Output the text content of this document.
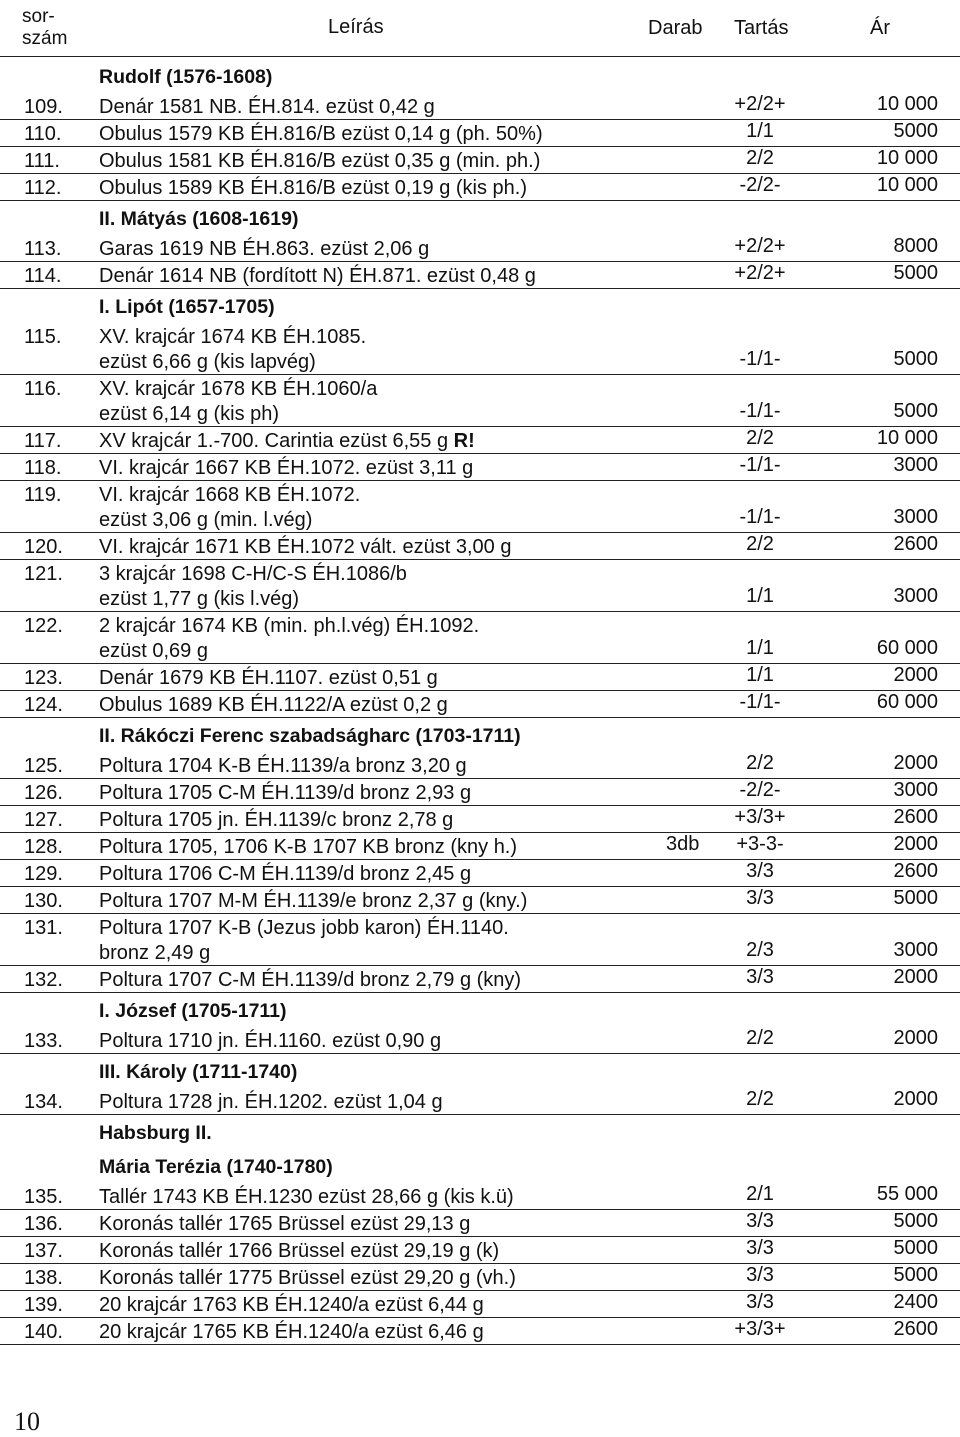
sor-
szám
Leírás	Darab Tartás	Ár
Rudolf (1576-1608)
109. Denár 1581 NB. ÉH.814. ezüst 0,42 g	+2/2+	10 000
110. Obulus 1579 KB ÉH.816/B ezüst 0,14 g (ph. 50%)	1/1	5000
111. Obulus 1581 KB ÉH.816/B ezüst 0,35 g (min. ph.)	2/2	10 000
112. Obulus 1589 KB ÉH.816/B ezüst 0,19 g (kis ph.)	-2/2-	10 000
II. Mátyás (1608-1619)
113. Garas 1619 NB ÉH.863. ezüst 2,06 g	+2/2+	8000
114. Denár 1614 NB (fordított N) ÉH.871. ezüst 0,48 g	+2/2+	5000
I. Lipót (1657-1705)
115. XV. krajcár 1674 KB ÉH.1085.
ezüst 6,66 g (kis lapvég)	-1/1-	5000
116. XV. krajcár 1678 KB ÉH.1060/a
ezüst 6,14 g (kis ph)	-1/1-	5000
117. XV krajcár 1.-700. Carintia ezüst 6,55 g R!	2/2	10 000
118. VI. krajcár 1667 KB ÉH.1072. ezüst 3,11 g	-1/1-	3000
119. VI. krajcár 1668 KB ÉH.1072.
ezüst 3,06 g (min. l.vég)	-1/1-	3000
120. VI. krajcár 1671 KB ÉH.1072 vált. ezüst 3,00 g	2/2	2600
121. 3 krajcár 1698 C-H/C-S ÉH.1086/b
ezüst 1,77 g (kis l.vég)	1/1	3000
122. 2 krajcár 1674 KB (min. ph.l.vég) ÉH.1092.
ezüst 0,69 g	1/1	60 000
123. Denár 1679 KB ÉH.1107. ezüst 0,51 g	1/1	2000
124. Obulus 1689 KB ÉH.1122/A ezüst 0,2 g	-1/1-	60 000
II. Rákóczi Ferenc szabadságharc (1703-1711)
125. Poltura 1704 K-B ÉH.1139/a bronz 3,20 g	2/2	2000
126. Poltura 1705 C-M ÉH.1139/d bronz 2,93 g	-2/2-	3000
127. Poltura 1705 jn. ÉH.1139/c bronz 2,78 g	+3/3+	2600
128. Poltura 1705, 1706 K-B 1707 KB bronz (kny h.)	3db	+3-3-	2000
129. Poltura 1706 C-M ÉH.1139/d bronz 2,45 g	3/3	2600
130. Poltura 1707 M-M ÉH.1139/e bronz 2,37 g (kny.)	3/3	5000
131. Poltura 1707 K-B (Jezus jobb karon) ÉH.1140.
bronz 2,49 g	2/3	3000
132. Poltura 1707 C-M ÉH.1139/d bronz 2,79 g (kny)	3/3	2000
I. József (1705-1711)
133. Poltura 1710 jn. ÉH.1160. ezüst 0,90 g	2/2	2000
III. Károly (1711-1740)
134. Poltura 1728 jn. ÉH.1202. ezüst 1,04 g	2/2	2000
Habsburg II.
Mária Terézia (1740-1780)
135. Tallér 1743 KB ÉH.1230 ezüst 28,66 g (kis k.ü)	2/1	55 000
136. Koronás tallér 1765 Brüssel ezüst 29,13 g	3/3	5000
137. Koronás tallér 1766 Brüssel ezüst 29,19 g (k)	3/3	5000
138. Koronás tallér 1775 Brüssel ezüst 29,20 g (vh.)	3/3	5000
139. 20 krajcár 1763 KB ÉH.1240/a ezüst 6,44 g	3/3	2400
140. 20 krajcár 1765 KB ÉH.1240/a ezüst 6,46 g	+3/3+	2600
10
